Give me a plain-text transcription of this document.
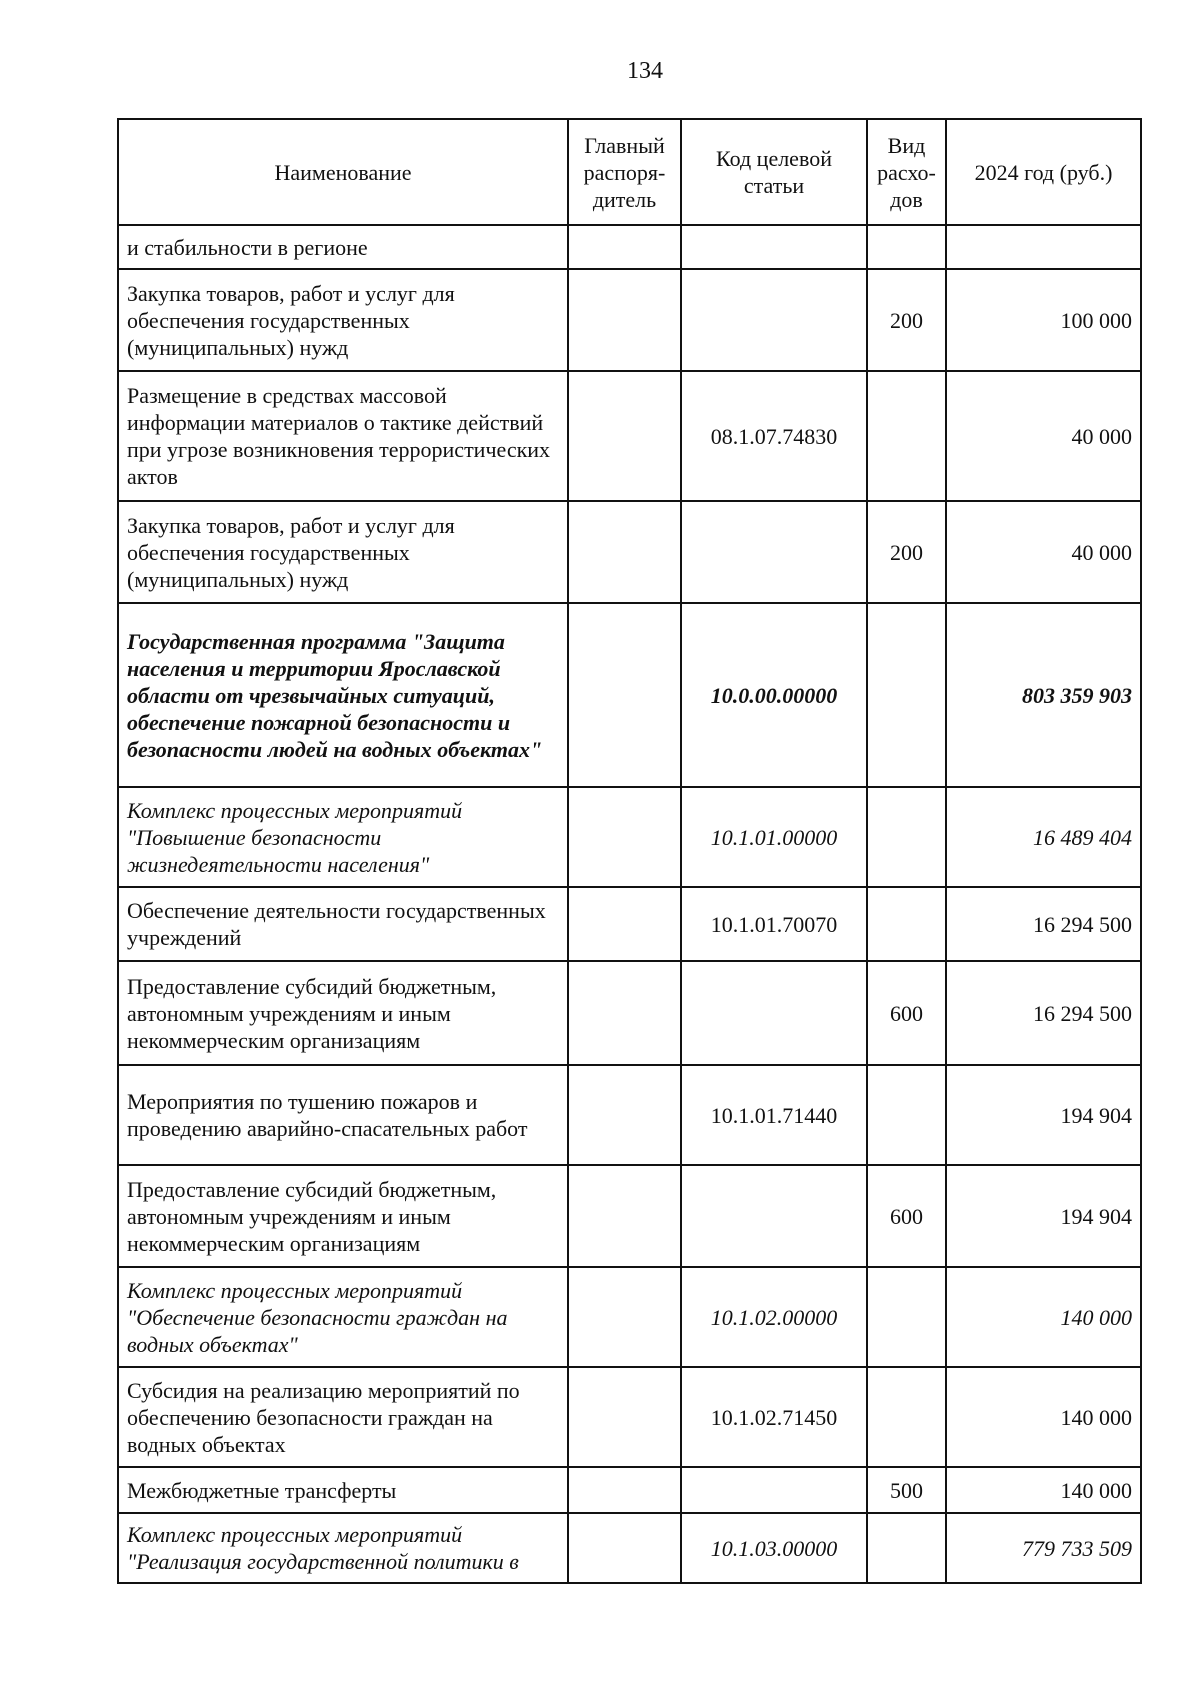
134
Наименование	Главный распоря-дитель	Код целевой статьи	Вид расхо-дов	2024 год (руб.)
и стабильности в регионе				
Закупка товаров, работ и услуг для обеспечения государственных (муниципальных) нужд			200	100 000
Размещение в средствах массовой информации материалов о тактике действий при угрозе возникновения террористических актов		08.1.07.74830		40 000
Закупка товаров, работ и услуг для обеспечения государственных (муниципальных) нужд			200	40 000
Государственная программа "Защита населения и территории Ярославской области от чрезвычайных ситуаций, обеспечение пожарной безопасности и безопасности людей на водных объектах"		10.0.00.00000		803 359 903
Комплекс процессных мероприятий "Повышение безопасности жизнедеятельности населения"		10.1.01.00000		16 489 404
Обеспечение деятельности государственных учреждений		10.1.01.70070		16 294 500
Предоставление субсидий бюджетным, автономным учреждениям и иным некоммерческим организациям			600	16 294 500
Мероприятия по тушению пожаров и проведению аварийно-спасательных работ		10.1.01.71440		194 904
Предоставление субсидий бюджетным, автономным учреждениям и иным некоммерческим организациям			600	194 904
Комплекс процессных мероприятий "Обеспечение безопасности граждан на водных объектах"		10.1.02.00000		140 000
Субсидия на реализацию мероприятий по обеспечению безопасности граждан на водных объектах		10.1.02.71450		140 000
Межбюджетные трансферты			500	140 000
Комплекс процессных мероприятий "Реализация государственной политики в		10.1.03.00000		779 733 509
